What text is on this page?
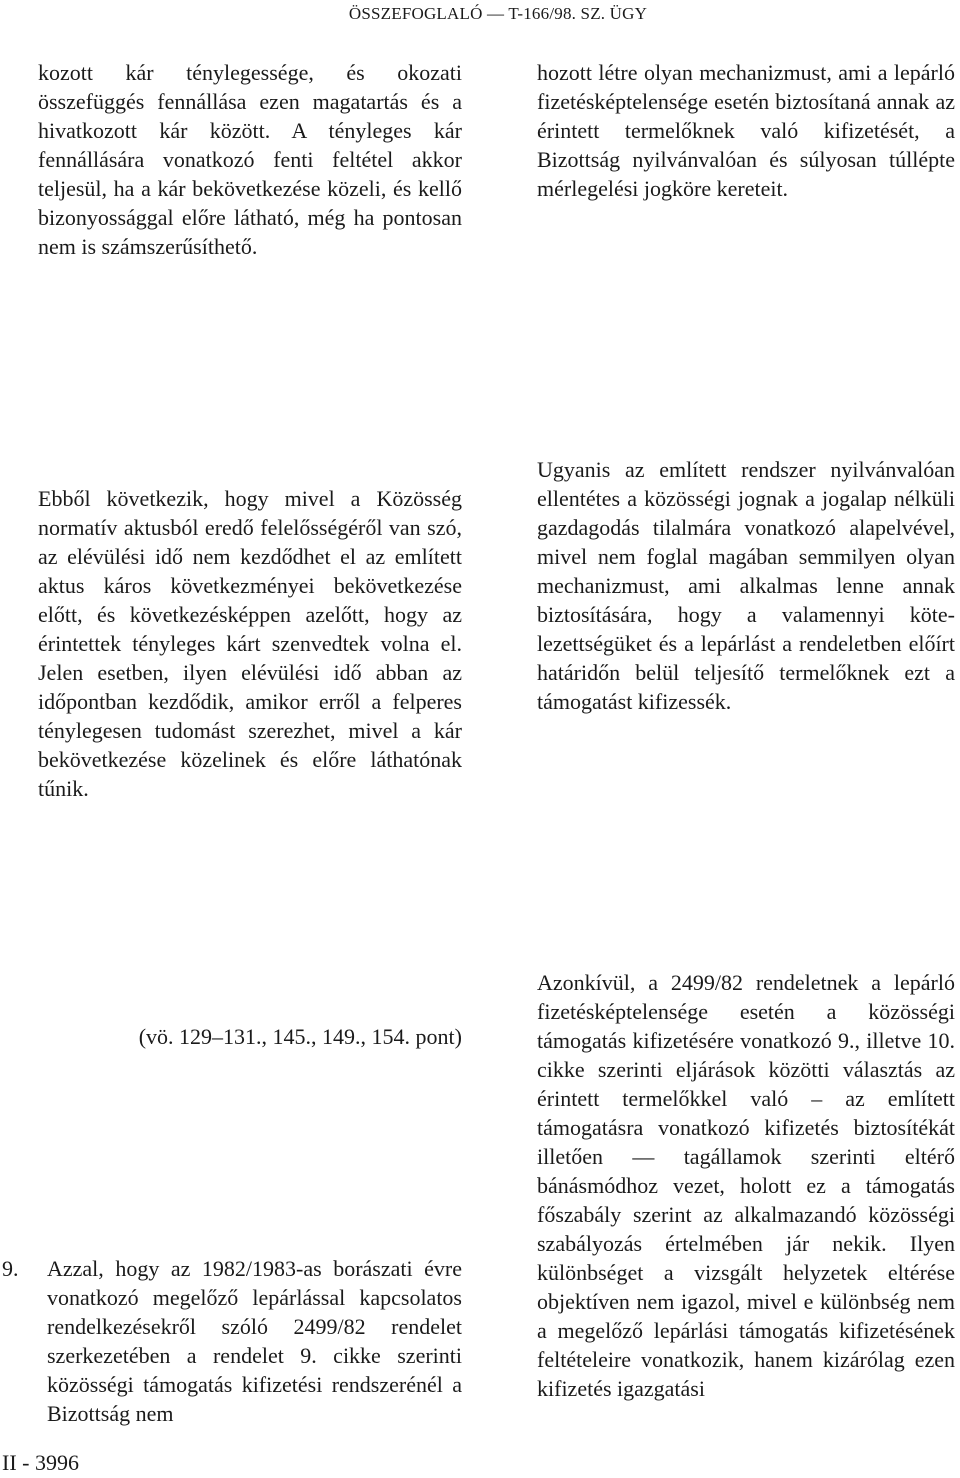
ÖSSZEFOGLALÓ — T-166/98. SZ. ÜGY

kozott kár ténylegessége, és okozati összefüggés fennállása ezen magatartás és a hivatkozott kár között. A tényleges kár fennállására vonatkozó fenti feltétel akkor teljesül, ha a kár bekövetkezése közeli, és kellő bizonyossággal előre látható, még ha pontosan nem is számszerűsíthető.

hozott létre olyan mechanizmust, ami a lepárló fizetésképtelensége esetén biztosítaná annak az érintett termelőknek való kifizetését, a Bizottság nyilvánvalóan és súlyosan túllépte mérlegelési jogköre kereteit.

Ebből következik, hogy mivel a Közösség normatív aktusból eredő felelősségéről van szó, az elévülési idő nem kezdődhet el az említett aktus káros következményei bekövetkezése előtt, és következésképpen azelőtt, hogy az érintettek tényleges kárt szenvedtek volna el. Jelen esetben, ilyen elévülési idő abban az időpontban kezdődik, amikor erről a felperes ténylegesen tudomást szerezhet, mivel a kár bekövetkezése közelinek és előre láthatónak tűnik.

Ugyanis az említett rendszer nyilvánvalóan ellentétes a közösségi jognak a jogalap nélküli gazdagodás tilalmára vonatkozó alapelvével, mivel nem foglal magában semmilyen olyan mechanizmust, ami alkalmas lenne annak biztosítására, hogy a valamennyi kötelezettségüket és a lepárlást a rendeletben előírt határidőn belül teljesítő termelőknek ezt a támogatást kifizessék.

(vö. 129–131., 145., 149., 154. pont)
9. Azzal, hogy az 1982/1983-as borászati évre vonatkozó megelőző lepárlással kapcsolatos rendelkezésekről szóló 2499/82 rendelet szerkezetében a rendelet 9. cikke szerinti közösségi támogatás kifizetési rendszerénél a Bizottság nem

Azonkívül, a 2499/82 rendeletnek a lepárló fizetésképtelensége esetén a közösségi támogatás kifizetésére vonatkozó 9., illetve 10. cikke szerinti eljárások közötti választás az érintett termelőkkel való – az említett támogatásra vonatkozó kifizetés biztosítékát illetően — tagállamok szerinti eltérő bánásmódhoz vezet, holott ez a támogatás főszabály szerint az alkalmazandó közösségi szabályozás értelmében jár nekik. Ilyen különbséget a vizsgált helyzetek eltérése objektíven nem igazol, mivel e különbség nem a megelőző lepárlási támogatás kifizetésének feltételeire vonatkozik, hanem kizárólag ezen kifizetés igazgatási

II - 3996
